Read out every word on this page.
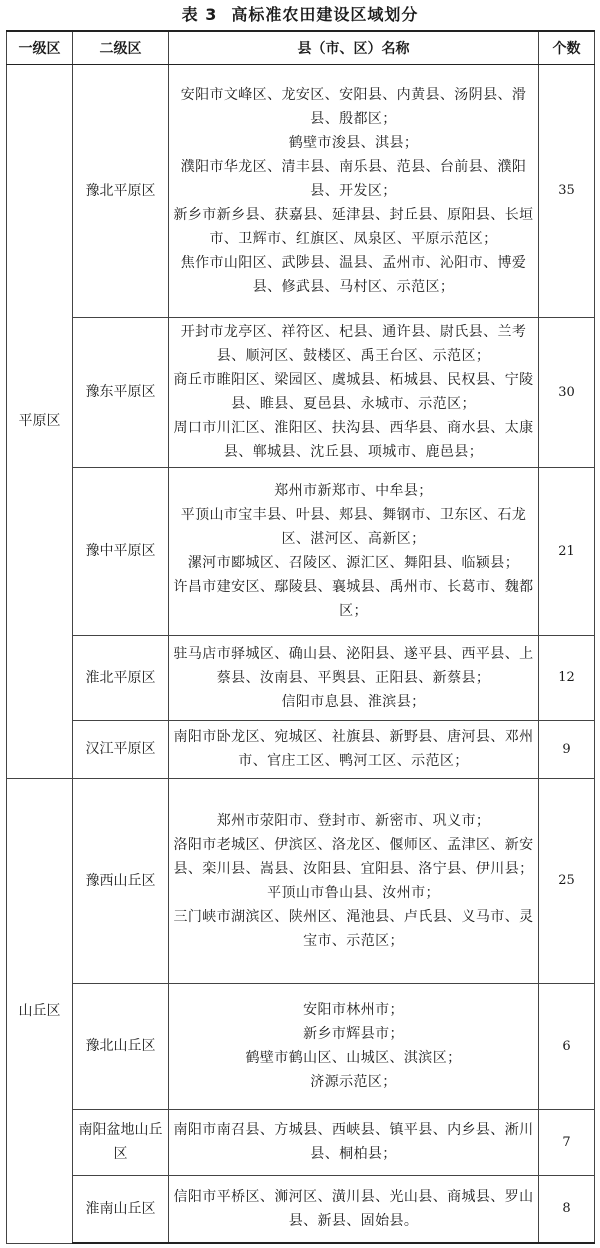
表 3 高标准农田建设区域划分
一级区	二级区	县（市、区）名称	个数
平原区	豫北平原区	安阳市文峰区、龙安区、安阳县、内黄县、汤阴县、滑县、殷都区；
鹤壁市浚县、淇县；
濮阳市华龙区、清丰县、南乐县、范县、台前县、濮阳县、开发区；
新乡市新乡县、获嘉县、延津县、封丘县、原阳县、长垣市、卫辉市、红旗区、凤泉区、平原示范区；
焦作市山阳区、武陟县、温县、孟州市、沁阳市、博爱县、修武县、马村区、示范区；	35
	豫东平原区	开封市龙亭区、祥符区、杞县、通许县、尉氏县、兰考县、顺河区、鼓楼区、禹王台区、示范区；
商丘市睢阳区、梁园区、虞城县、柘城县、民权县、宁陵县、睢县、夏邑县、永城市、示范区；
周口市川汇区、淮阳区、扶沟县、西华县、商水县、太康县、郸城县、沈丘县、项城市、鹿邑县；	30
	豫中平原区	郑州市新郑市、中牟县；
平顶山市宝丰县、叶县、郏县、舞钢市、卫东区、石龙区、湛河区、高新区；
漯河市郾城区、召陵区、源汇区、舞阳县、临颍县；
许昌市建安区、鄢陵县、襄城县、禹州市、长葛市、魏都区；	21
	淮北平原区	驻马店市驿城区、确山县、泌阳县、遂平县、西平县、上蔡县、汝南县、平舆县、正阳县、新蔡县；
信阳市息县、淮滨县；	12
	汉江平原区	南阳市卧龙区、宛城区、社旗县、新野县、唐河县、邓州市、官庄工区、鸭河工区、示范区；	9
山丘区	豫西山丘区	郑州市荥阳市、登封市、新密市、巩义市；
洛阳市老城区、伊滨区、洛龙区、偃师区、孟津区、新安县、栾川县、嵩县、汝阳县、宜阳县、洛宁县、伊川县；
平顶山市鲁山县、汝州市；
三门峡市湖滨区、陕州区、渑池县、卢氏县、义马市、灵宝市、示范区；	25
	豫北山丘区	安阳市林州市；
新乡市辉县市；
鹤壁市鹤山区、山城区、淇滨区；
济源示范区；	6
	南阳盆地山丘区	南阳市南召县、方城县、西峡县、镇平县、内乡县、淅川县、桐柏县；	7
	淮南山丘区	信阳市平桥区、浉河区、潢川县、光山县、商城县、罗山县、新县、固始县。	8
